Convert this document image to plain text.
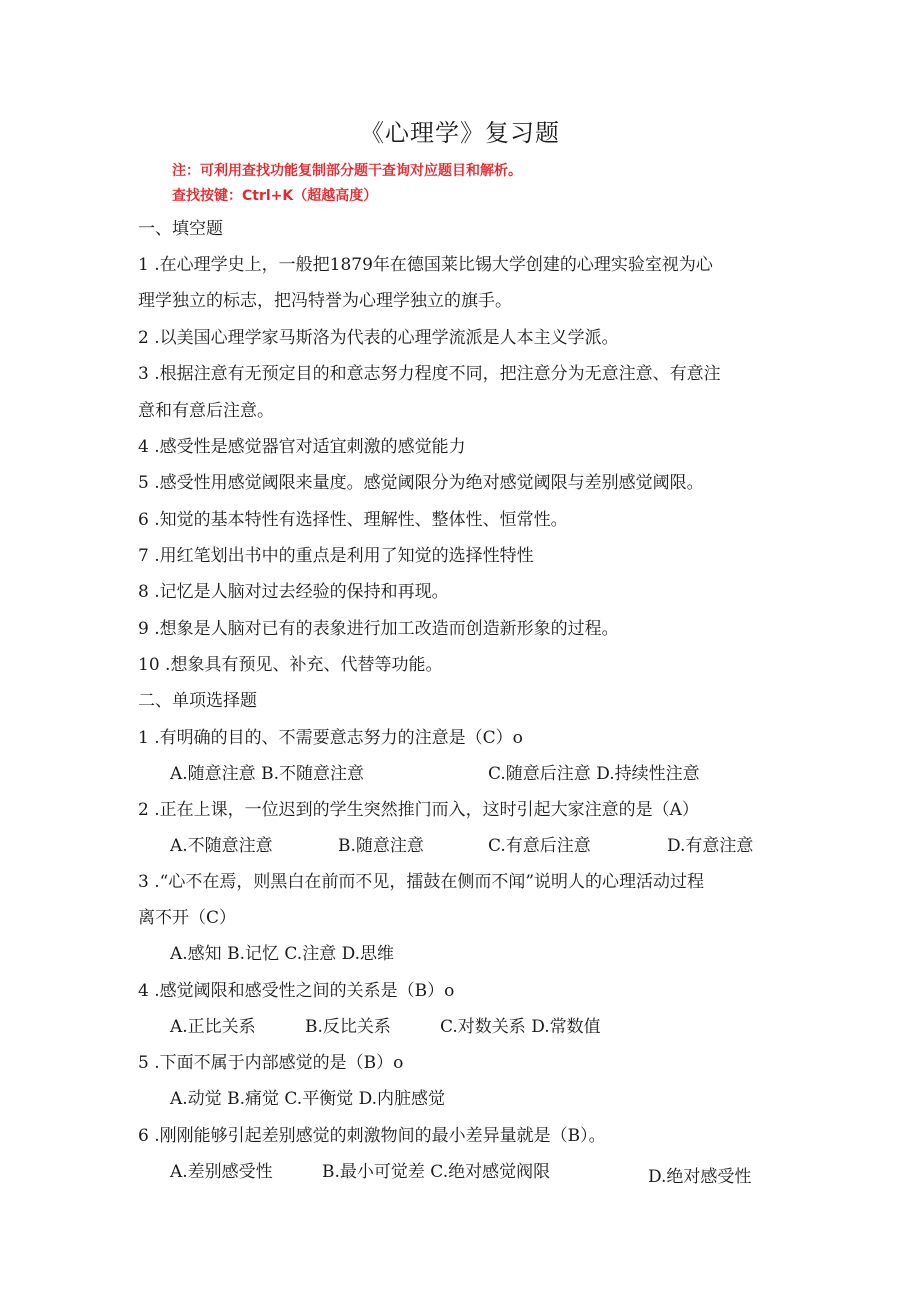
《心理学》复习题
注：可利用查找功能复制部分题干查询对应题目和解析。
查找按键：Ctrl+K（超越高度）
一、填空题
1 .在心理学史上，一般把1879年在德国莱比锡大学创建的心理实验室视为心
理学独立的标志，把冯特誉为心理学独立的旗手。
2 .以美国心理学家马斯洛为代表的心理学流派是人本主义学派。
3 .根据注意有无预定目的和意志努力程度不同，把注意分为无意注意、有意注
意和有意后注意。
4 .感受性是感觉器官对适宜刺激的感觉能力
5 .感受性用感觉阈限来量度。感觉阈限分为绝对感觉阈限与差别感觉阈限。
6 .知觉的基本特性有选择性、理解性、整体性、恒常性。
7 .用红笔划出书中的重点是利用了知觉的选择性特性
8 .记忆是人脑对过去经验的保持和再现。
9 .想象是人脑对已有的表象进行加工改造而创造新形象的过程。
10 .想象具有预见、补充、代替等功能。
二、单项选择题
1 .有明确的目的、不需要意志努力的注意是（C）o
A.随意注意 B.不随意注意	C.随意后注意 D.持续性注意
2 .正在上课，一位迟到的学生突然推门而入，这时引起大家注意的是（A）
A.不随意注意	B.随意注意	C.有意后注意	D.有意注意
3 .“心不在焉，则黑白在前而不见，擂鼓在侧而不闻”说明人的心理活动过程
离不开（C）
A.感知 B.记忆 C.注意 D.思维
4 .感觉阈限和感受性之间的关系是（B）o
A.正比关系	B.反比关系	C.对数关系 D.常数值
5 .下面不属于内部感觉的是（B）o
A.动觉 B.痛觉 C.平衡觉 D.内脏感觉
6 .刚刚能够引起差别感觉的刺激物间的最小差异量就是（B）。
A.差别感受性	B.最小可觉差 C.绝对感觉阀限	D.绝对感受性
